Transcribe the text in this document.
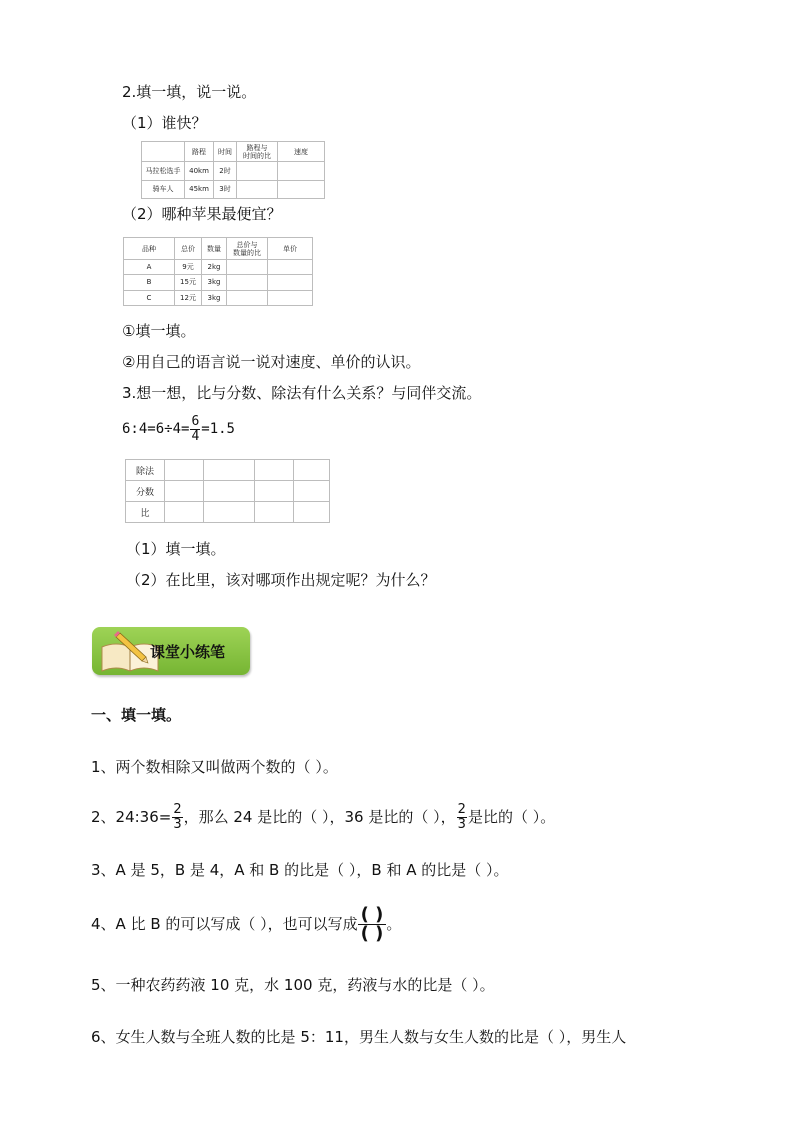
2.填一填，说一说。
（1）谁快？
	路程	时间	路程与
时间的比	速度
马拉松选手	40km	2时		
骑车人	45km	3时		
（2）哪种苹果最便宜？
品种	总价	数量	总价与
数量的比	单价
A	9元	2kg		
B	15元	3kg		
C	12元	3kg		
①填一填。
②用自己的语言说一说对速度、单价的认识。
3.想一想，比与分数、除法有什么关系？与同伴交流。
6:4=6÷4= $\frac{6}{4} =1.5$
除法				
分数				
比				
（1）填一填。
（2）在比里，该对哪项作出规定呢？为什么？
课堂小练笔
一、填一填。
1、两个数相除又叫做两个数的（ ）。
2、24:36= $\frac{2}{3}$ ，那么 24 是比的（ ），36 是比的（ ）， $\frac{2}{3}$ 是比的（ ）。
3、A 是 5，B 是 4，A 和 B 的比是（ ），B 和 A 的比是（ ）。
4、A 比 B 的可以写成（ ），也可以写成 $\frac{( )}{( )}$ 。
5、一种农药药液 10 克，水 100 克，药液与水的比是（ ）。
6、女生人数与全班人数的比是 5：11，男生人数与女生人数的比是（ ），男生人
